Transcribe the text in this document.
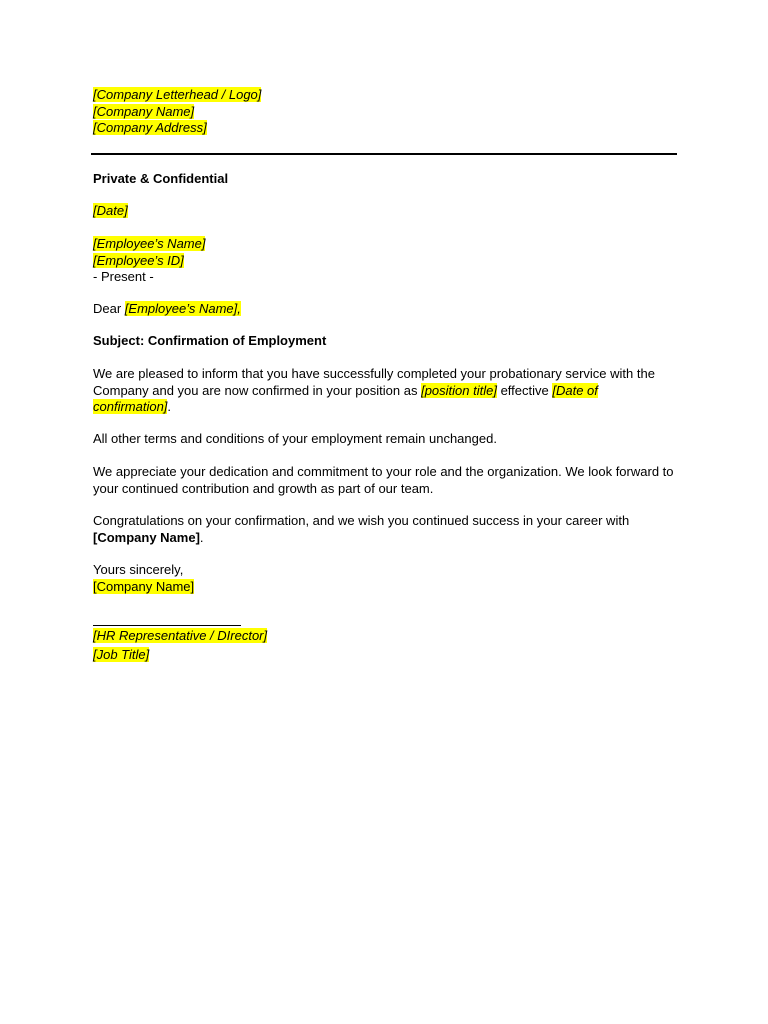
[Company Letterhead / Logo]
[Company Name]
[Company Address]
Private & Confidential
[Date]
[Employee’s Name]
[Employee’s ID]
- Present -
Dear [Employee’s Name],
Subject: Confirmation of Employment
We are pleased to inform that you have successfully completed your probationary service with the Company and you are now confirmed in your position as [position title] effective [Date of confirmation].
All other terms and conditions of your employment remain unchanged.
We appreciate your dedication and commitment to your role and the organization. We look forward to your continued contribution and growth as part of our team.
Congratulations on your confirmation, and we wish you continued success in your career with [Company Name].
Yours sincerely,
[Company Name]
[HR Representative / DIrector]
[Job Title]
